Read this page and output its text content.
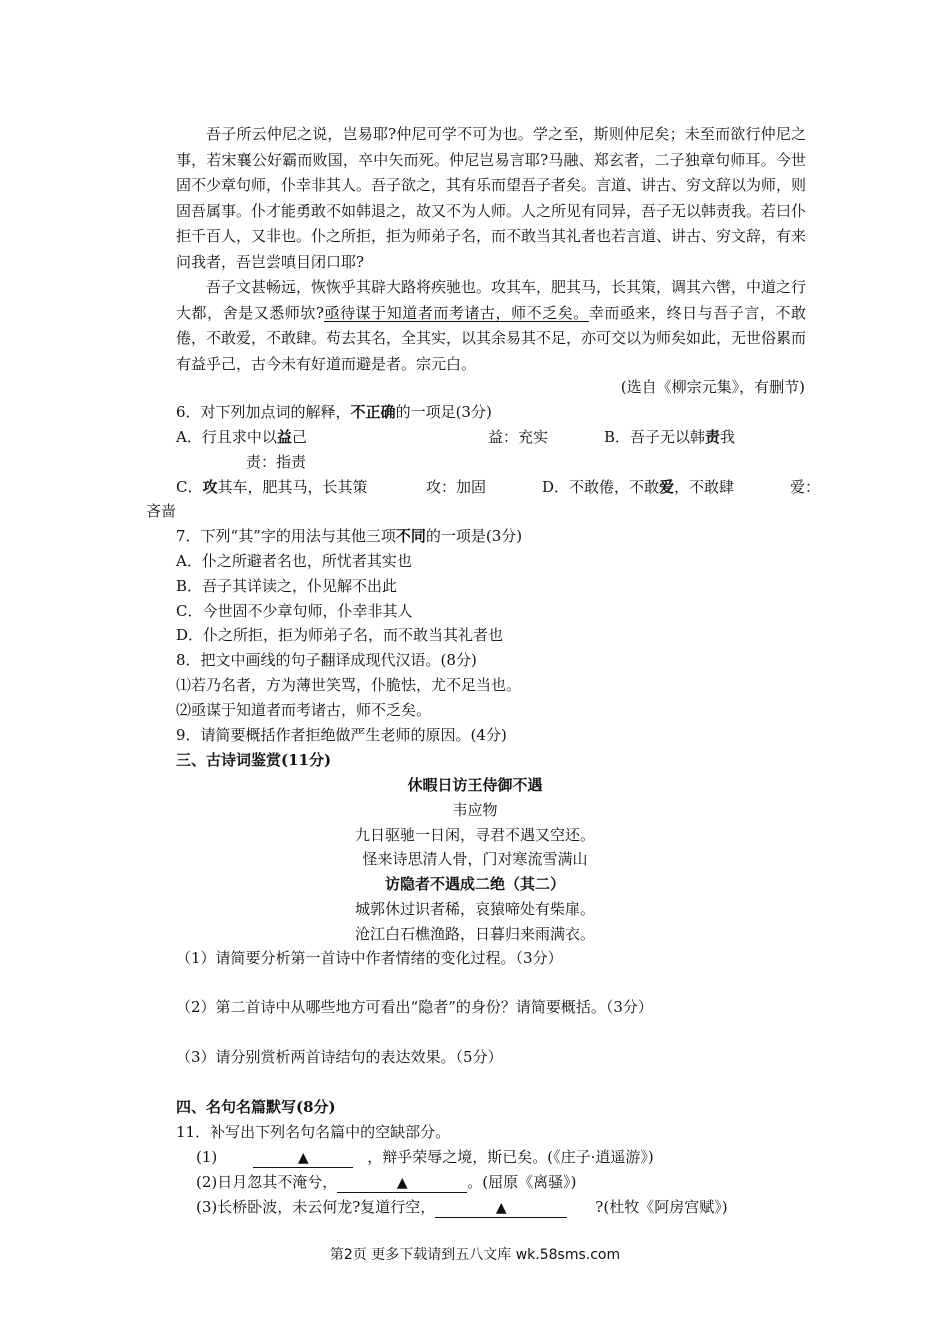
吾子所云仲尼之说，岂易耶?仲尼可学不可为也。学之至，斯则仲尼矣；未至而欲行仲尼之事，若宋襄公好霸而败国，卒中矢而死。仲尼岂易言耶?马融、郑玄者，二子独章句师耳。今世固不少章句师，仆幸非其人。吾子欲之，其有乐而望吾子者矣。言道、讲古、穷文辞以为师，则固吾属事。仆才能勇敢不如韩退之，故又不为人师。人之所见有同异，吾子无以韩责我。若曰仆拒千百人，又非也。仆之所拒，拒为师弟子名，而不敢当其礼者也若言道、讲古、穷文辞，有来问我者，吾岂尝嗔目闭口耶?
吾子文甚畅远，恢恢乎其辟大路将疾驰也。攻其车，肥其马，长其策，调其六辔，中道之行大都，舍是又悉师欤?亟待谋于知道者而考诸古，师不乏矣。幸而亟来，终日与吾子言，不敢倦，不敢爱，不敢肆。苟去其名，全其实，以其余易其不足，亦可交以为师矣如此，无世俗累而有益乎己，古今未有好道而避是者。宗元白。
(选自《柳宗元集》，有删节)
6．对下列加点词的解释，不正确的一项足(3分)
A．行且求中以益己	益：充实	B．吾子无以韩责我
责：指责
C．攻其车，肥其马，长其策	攻：加固	D．不敢倦，不敢爱，不敢肆	爱：
吝啬
7．下列“其”字的用法与其他三项不同的一项是(3分)
A．仆之所避者名也，所忧者其实也
B．吾子其详读之，仆见解不出此
C．今世固不少章句师，仆幸非其人
D．仆之所拒，拒为师弟子名，而不敢当其礼者也
8．把文中画线的句子翻译成现代汉语。(8分)
⑴若乃名者，方为薄世笑骂，仆脆怯，尤不足当也。
⑵亟谋于知道者而考诸古，师不乏矣。
9．请简要概括作者拒绝做严生老师的原因。(4分)
三、古诗词鉴赏(11分)
休暇日访王侍御不遇
韦应物
九日驱驰一日闲，寻君不遇又空还。
怪来诗思清人骨，门对寒流雪满山
访隐者不遇成二绝（其二）
城郭休过识者稀，哀猿啼处有柴扉。
沧江白石樵渔路，日暮归来雨满衣。
（1）请简要分析第一首诗中作者情绪的变化过程。（3分）
（2）第二首诗中从哪些地方可看出“隐者”的身份？请简要概括。（3分）
（3）请分别赏析两首诗结句的表达效果。（5分）
四、名句名篇默写(8分)
11．补写出下列名句名篇中的空缺部分。
(1)	▲	，辩乎荣辱之境，斯已矣。(《庄子·逍遥游》)
(2)日月忽其不淹兮，	▲	。(屈原《离骚》)
(3)长桥卧波，未云何龙?复道行空，	▲	?(杜牧《阿房宫赋》)
第2页 更多下载请到五八文库 wk.58sms.com
